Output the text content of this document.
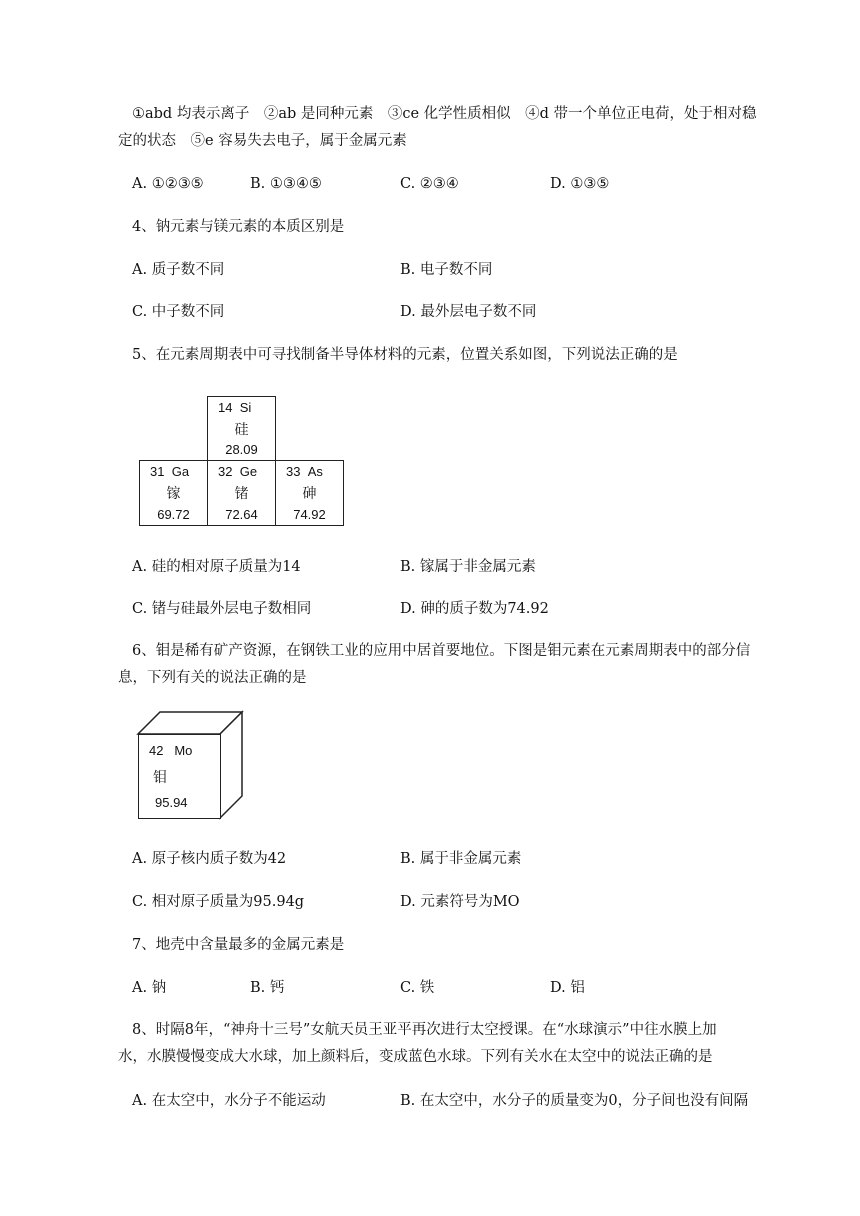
①abd 均表示离子　②ab 是同种元素　③ce 化学性质相似　④d 带一个单位正电荷，处于相对稳
定的状态　⑤e 容易失去电子，属于金属元素
A. ①②③⑤	B. ①③④⑤	C. ②③④	D. ①③⑤
4、钠元素与镁元素的本质区别是
A. 质子数不同	B. 电子数不同
C. 中子数不同	D. 最外层电子数不同
5、在元素周期表中可寻找制备半导体材料的元素，位置关系如图，下列说法正确的是
14 Si
硅
28.09
31 Ga
镓
69.72
32 Ge
锗
72.64
33 As
砷
74.92
A. 硅的相对原子质量为14	B. 镓属于非金属元素
C. 锗与硅最外层电子数相同	D. 砷的质子数为74.92
6、钼是稀有矿产资源，在钢铁工业的应用中居首要地位。下图是钼元素在元素周期表中的部分信
息，下列有关的说法正确的是
42 Mo
钼
95.94
A. 原子核内质子数为42	B. 属于非金属元素
C. 相对原子质量为95.94g	D. 元素符号为MO
7、地壳中含量最多的金属元素是
A. 钠	B. 钙	C. 铁	D. 铝
8、时隔8年，“神舟十三号”女航天员王亚平再次进行太空授课。在“水球演示”中往水膜上加
水，水膜慢慢变成大水球，加上颜料后，变成蓝色水球。下列有关水在太空中的说法正确的是
A. 在太空中，水分子不能运动	B. 在太空中，水分子的质量变为0，分子间也没有间隔
